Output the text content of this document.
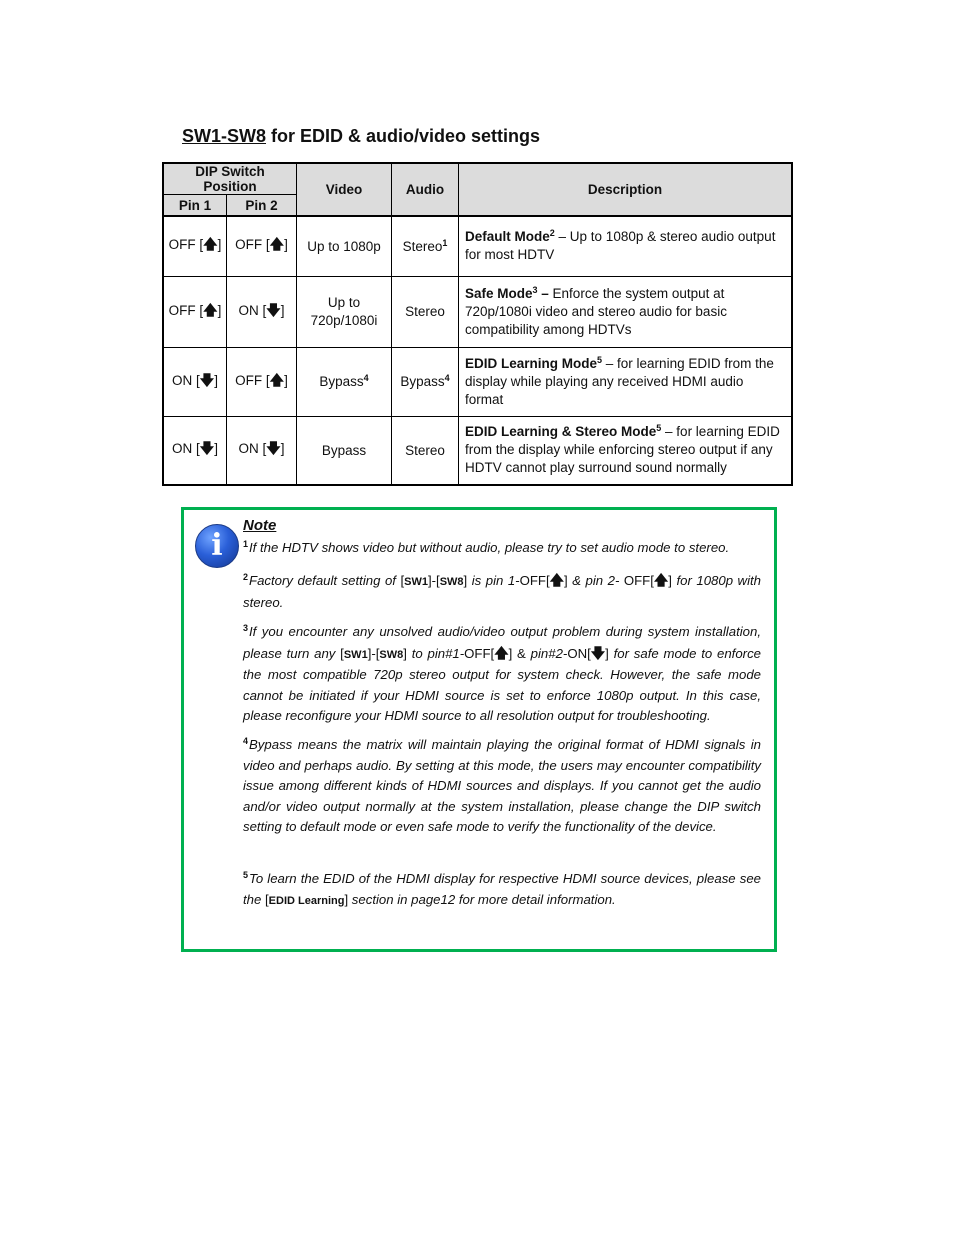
SW1-SW8 for EDID & audio/video settings
DIP Switch Position		Video	Audio	Description
Pin 1	Pin 2			
OFF [🡅]	OFF [🡅]	Up to 1080p	Stereo$^1$	Default Mode$^2$ – Up to 1080p & stereo audio output for most HDTV
OFF [🡅]	ON [🡇]	Up to 720p/1080i	Stereo	Safe Mode$^3$ – Enforce the system output at 720p/1080i video and stereo audio for basic compatibility among HDTVs
ON [🡇]	OFF [🡅]	Bypass$^4$	Bypass$^4$	EDID Learning Mode$^5$ – for learning EDID from the display while playing any received HDMI audio format
ON [🡇]	ON [🡇]	Bypass	Stereo	EDID Learning & Stereo Mode$^5$ – for learning EDID from the display while enforcing stereo output if any HDTV cannot play surround sound normally
i
Note
$^1$If the HDTV shows video but without audio, please try to set audio mode to stereo.
$^2$Factory default setting of [SW1]-[SW8] is pin 1-OFF[🡅] & pin 2- OFF[🡅] for 1080p with stereo.
$^3$If you encounter any unsolved audio/video output problem during system installation, please turn any [SW1]-[SW8] to pin#1-OFF[🡅] & pin#2-ON[🡇] for safe mode to enforce the most compatible 720p stereo output for system check. However, the safe mode cannot be initiated if your HDMI source is set to enforce 1080p output. In this case, please reconfigure your HDMI source to all resolution output for troubleshooting.
$^4$Bypass means the matrix will maintain playing the original format of HDMI signals in video and perhaps audio. By setting at this mode, the users may encounter compatibility issue among different kinds of HDMI sources and displays. If you cannot get the audio and/or video output normally at the system installation, please change the DIP switch setting to default mode or even safe mode to verify the functionality of the device.
$^5$To learn the EDID of the HDMI display for respective HDMI source devices, please see the [EDID Learning] section in page12 for more detail information.
